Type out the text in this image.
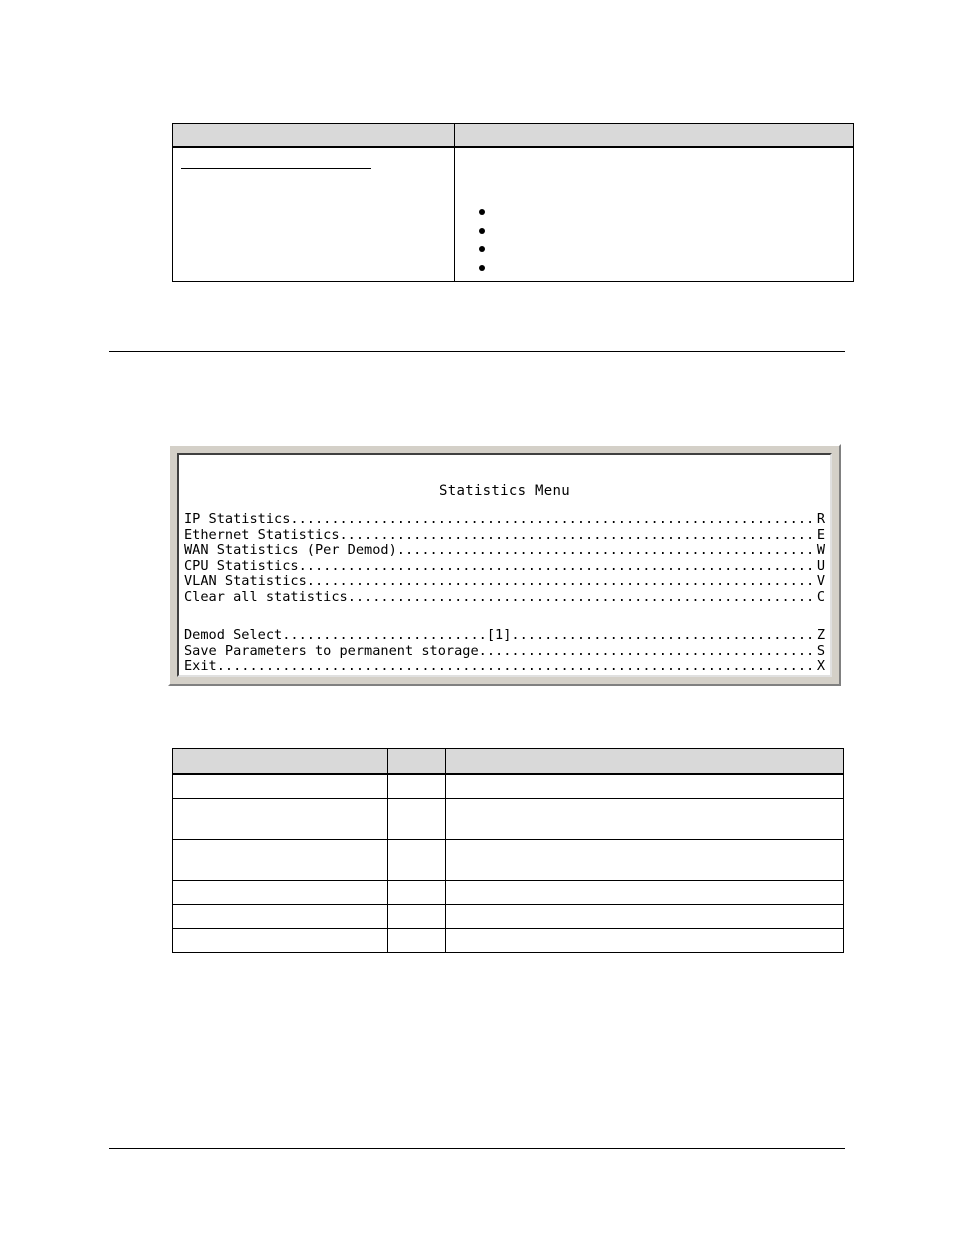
Statistics Menu
IP Statistics .....	R
Ethernet Statistics .....	E
WAN Statistics (Per Demod) .....	W
CPU Statistics .....	U
VLAN Statistics .....	V
Clear all statistics .....	C
Demod Select ......................... [1] .....	Z
Save Parameters to permanent storage .....	S
Exit .....	X
